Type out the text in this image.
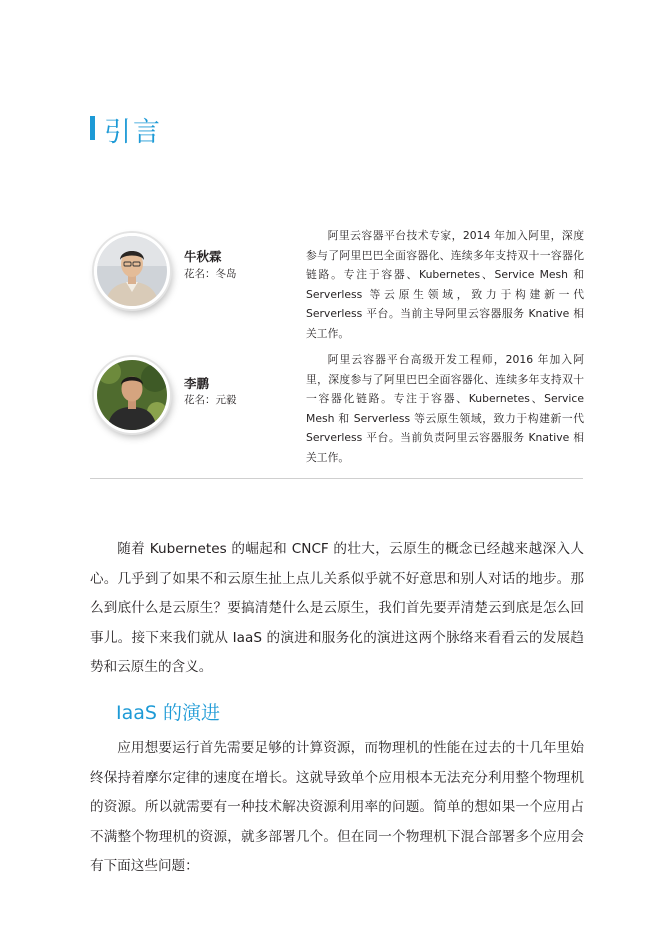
引言
牛秋霖
花名：冬岛
阿里云容器平台技术专家，2014 年加入阿里，深度参与了阿里巴巴全面容器化、连续多年支持双十一容器化链路。专注于容器、Kubernetes、Service Mesh 和 Serverless 等云原生领域，致力于构建新一代 Serverless 平台。当前主导阿里云容器服务 Knative 相关工作。
李鹏
花名：元毅
阿里云容器平台高级开发工程师，2016 年加入阿里，深度参与了阿里巴巴全面容器化、连续多年支持双十一容器化链路。专注于容器、Kubernetes、Service Mesh 和 Serverless 等云原生领域，致力于构建新一代 Serverless 平台。当前负责阿里云容器服务 Knative 相关工作。
随着 Kubernetes 的崛起和 CNCF 的壮大，云原生的概念已经越来越深入人心。几乎到了如果不和云原生扯上点儿关系似乎就不好意思和别人对话的地步。那么到底什么是云原生？要搞清楚什么是云原生，我们首先要弄清楚云到底是怎么回事儿。接下来我们就从 IaaS 的演进和服务化的演进这两个脉络来看看云的发展趋势和云原生的含义。
IaaS 的演进
应用想要运行首先需要足够的计算资源，而物理机的性能在过去的十几年里始终保持着摩尔定律的速度在增长。这就导致单个应用根本无法充分利用整个物理机的资源。所以就需要有一种技术解决资源利用率的问题。简单的想如果一个应用占不满整个物理机的资源，就多部署几个。但在同一个物理机下混合部署多个应用会有下面这些问题：
